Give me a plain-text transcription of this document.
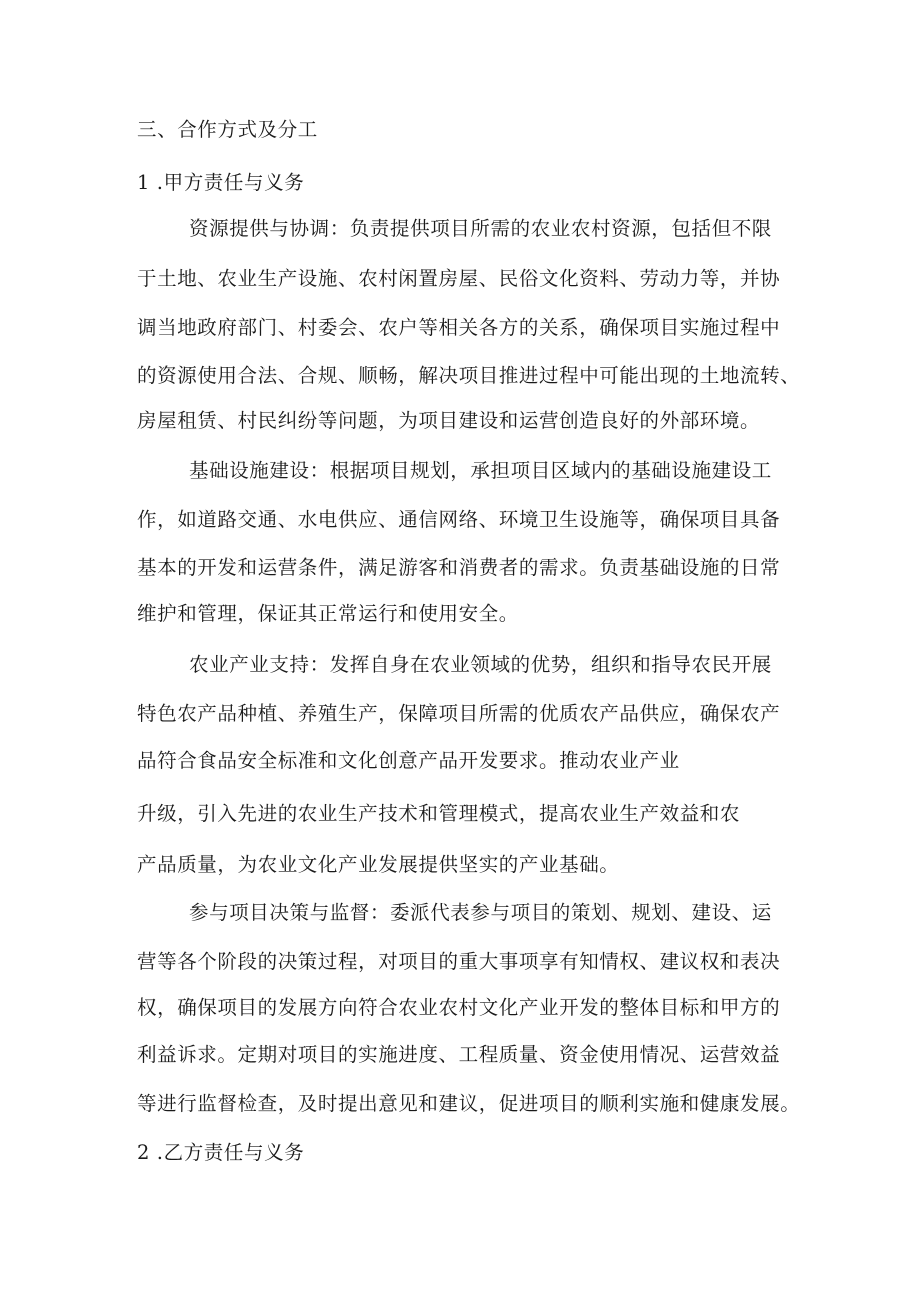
三、合作方式及分工
1 .甲方责任与义务
资源提供与协调：负责提供项目所需的农业农村资源，包括但不限
于土地、农业生产设施、农村闲置房屋、民俗文化资料、劳动力等，并协
调当地政府部门、村委会、农户等相关各方的关系，确保项目实施过程中
的资源使用合法、合规、顺畅，解决项目推进过程中可能出现的土地流转、
房屋租赁、村民纠纷等问题，为项目建设和运营创造良好的外部环境。
基础设施建设：根据项目规划，承担项目区域内的基础设施建设工
作，如道路交通、水电供应、通信网络、环境卫生设施等，确保项目具备
基本的开发和运营条件，满足游客和消费者的需求。负责基础设施的日常
维护和管理，保证其正常运行和使用安全。
农业产业支持：发挥自身在农业领域的优势，组织和指导农民开展
特色农产品种植、养殖生产，保障项目所需的优质农产品供应，确保农产
品符合食品安全标准和文化创意产品开发要求。推动农业产业
升级，引入先进的农业生产技术和管理模式，提高农业生产效益和农
产品质量，为农业文化产业发展提供坚实的产业基础。
参与项目决策与监督：委派代表参与项目的策划、规划、建设、运
营等各个阶段的决策过程，对项目的重大事项享有知情权、建议权和表决
权，确保项目的发展方向符合农业农村文化产业开发的整体目标和甲方的
利益诉求。定期对项目的实施进度、工程质量、资金使用情况、运营效益
等进行监督检查，及时提出意见和建议，促进项目的顺利实施和健康发展。
2 .乙方责任与义务
